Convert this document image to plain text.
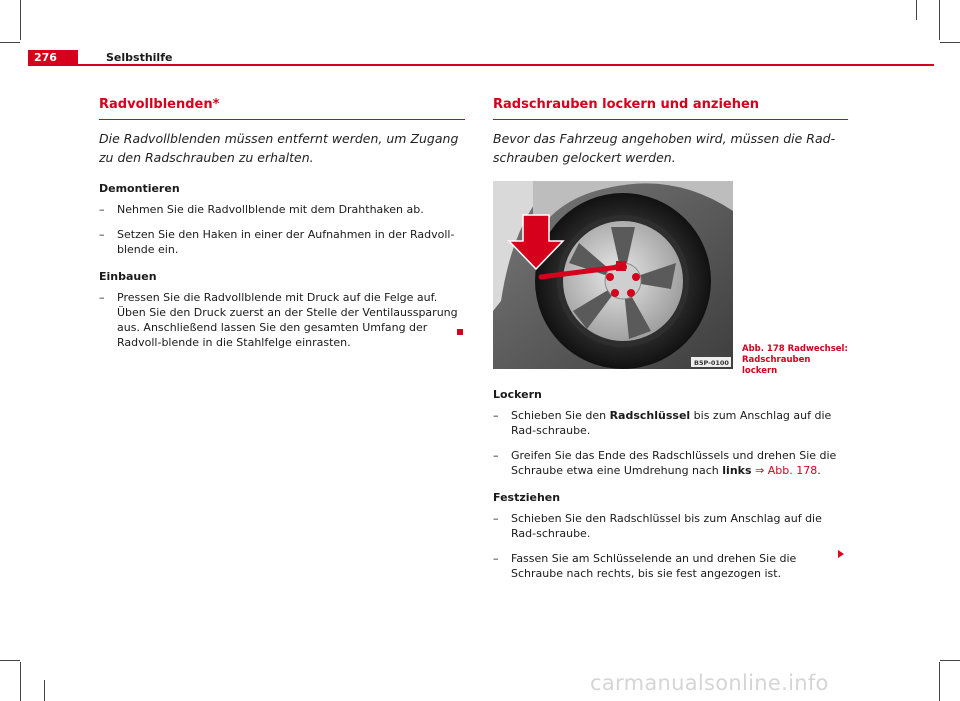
276	Selbsthilfe
Radvollblenden*

Die Radvollblenden müssen entfernt werden, um Zugang zu den Radschrauben zu erhalten.

Demontieren
–	Nehmen Sie die Radvollblende mit dem Drahthaken ab.
–	Setzen Sie den Haken in einer der Aufnahmen in der Radvoll-blende ein.
Einbauen
–	Pressen Sie die Radvollblende mit Druck auf die Felge auf. Üben Sie den Druck zuerst an der Stelle der Ventilaussparung aus. Anschließend lassen Sie den gesamten Umfang der Radvoll-blende in die Stahlfelge einrasten.
Radschrauben lockern und anziehen

Bevor das Fahrzeug angehoben wird, müssen die Rad-schrauben gelockert werden.

B5P-0100
Abb. 178 Radwechsel:
Radschrauben lockern
Lockern
–	Schieben Sie den Radschlüssel bis zum Anschlag auf die Rad-schraube.
–	Greifen Sie das Ende des Radschlüssels und drehen Sie die Schraube etwa eine Umdrehung nach links ⇒ Abb. 178.
Festziehen
–	Schieben Sie den Radschlüssel bis zum Anschlag auf die Rad-schraube.
–	Fassen Sie am Schlüsselende an und drehen Sie die Schraube nach rechts, bis sie fest angezogen ist.
carmanualsonline.info
